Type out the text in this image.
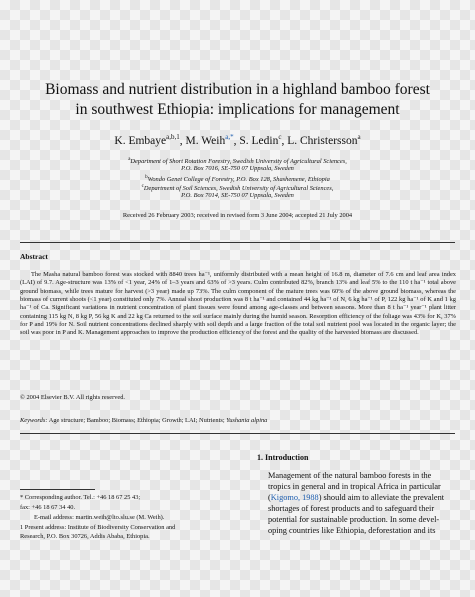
Biomass and nutrient distribution in a highland bamboo forest
in southwest Ethiopia: implications for management
K. Embaye$^{a,b,1}$, M. Weih$^{a,*}$, S. Ledin$^c$, L. Christersson$^a$
$^a$Department of Short Rotation Forestry, Swedish University of Agricultural Sciences,
P.O. Box 7016, SE-750 07 Uppsala, Sweden
$^b$Wondo Genet College of Forestry, P.O. Box 128, Shashemene, Ethiopia
$^c$Department of Soil Sciences, Swedish University of Agricultural Sciences,
P.O. Box 7014, SE-750 07 Uppsala, Sweden
Received 26 February 2003; received in revised form 3 June 2004; accepted 21 July 2004
Abstract
The Masha natural bamboo forest was stocked with 8840 trees ha⁻¹, uniformly distributed with a mean height of 16.8 m, diameter of 7.6 cm and leaf area index (LAI) of 9.7. Age-structure was 13% of <1 year, 24% of 1–3 years and 63% of >3 years. Culm contributed 82%, branch 13% and leaf 5% to the 110 t ha⁻¹ total above ground biomass, while trees mature for harvest (>3 year) made up 73%. The culm component of the mature trees was 60% of the above ground biomass, whereas the biomass of current shoots (<1 year) constituted only 7%. Annual shoot production was 8 t ha⁻¹ and contained 44 kg ha⁻¹ of N, 6 kg ha⁻¹ of P, 122 kg ha⁻¹ of K and 1 kg ha⁻¹ of Ca. Significant variations in nutrient concentration of plant tissues were found among age-classes and between seasons. More than 8 t ha⁻¹ year⁻¹ plant litter containing 115 kg N, 8 kg P, 56 kg K and 22 kg Ca returned to the soil surface mainly during the humid season. Resorption efficiency of the foliage was 43% for K, 37% for P and 19% for N. Soil nutrient concentrations declined sharply with soil depth and a large fraction of the total soil nutrient pool was located in the organic layer; the soil was poor in P and K. Management approaches to improve the production efficiency of the forest and the quality of the harvested biomass are discussed.
© 2004 Elsevier B.V. All rights reserved.
Keywords: Age structure; Bamboo; Biomass; Ethiopia; Growth; LAI; Nutrients; Yushania alpina
1. Introduction
Management of the natural bamboo forests in the
tropics in general and in tropical Africa in particular
(Kigomo, 1988) should aim to alleviate the prevalent
shortages of forest products and to safeguard their
potential for sustainable production. In some devel-
oping countries like Ethiopia, deforestation and its
* Corresponding author. Tel.: +46 18 67 25 43;
fax: +46 18 67 34 40.
E-mail address: martin.weih@lto.slu.se (M. Weih).
1 Present address: Institute of Biodiversity Conservation and
Research, P.O. Box 30726, Addis Ababa, Ethiopia.
